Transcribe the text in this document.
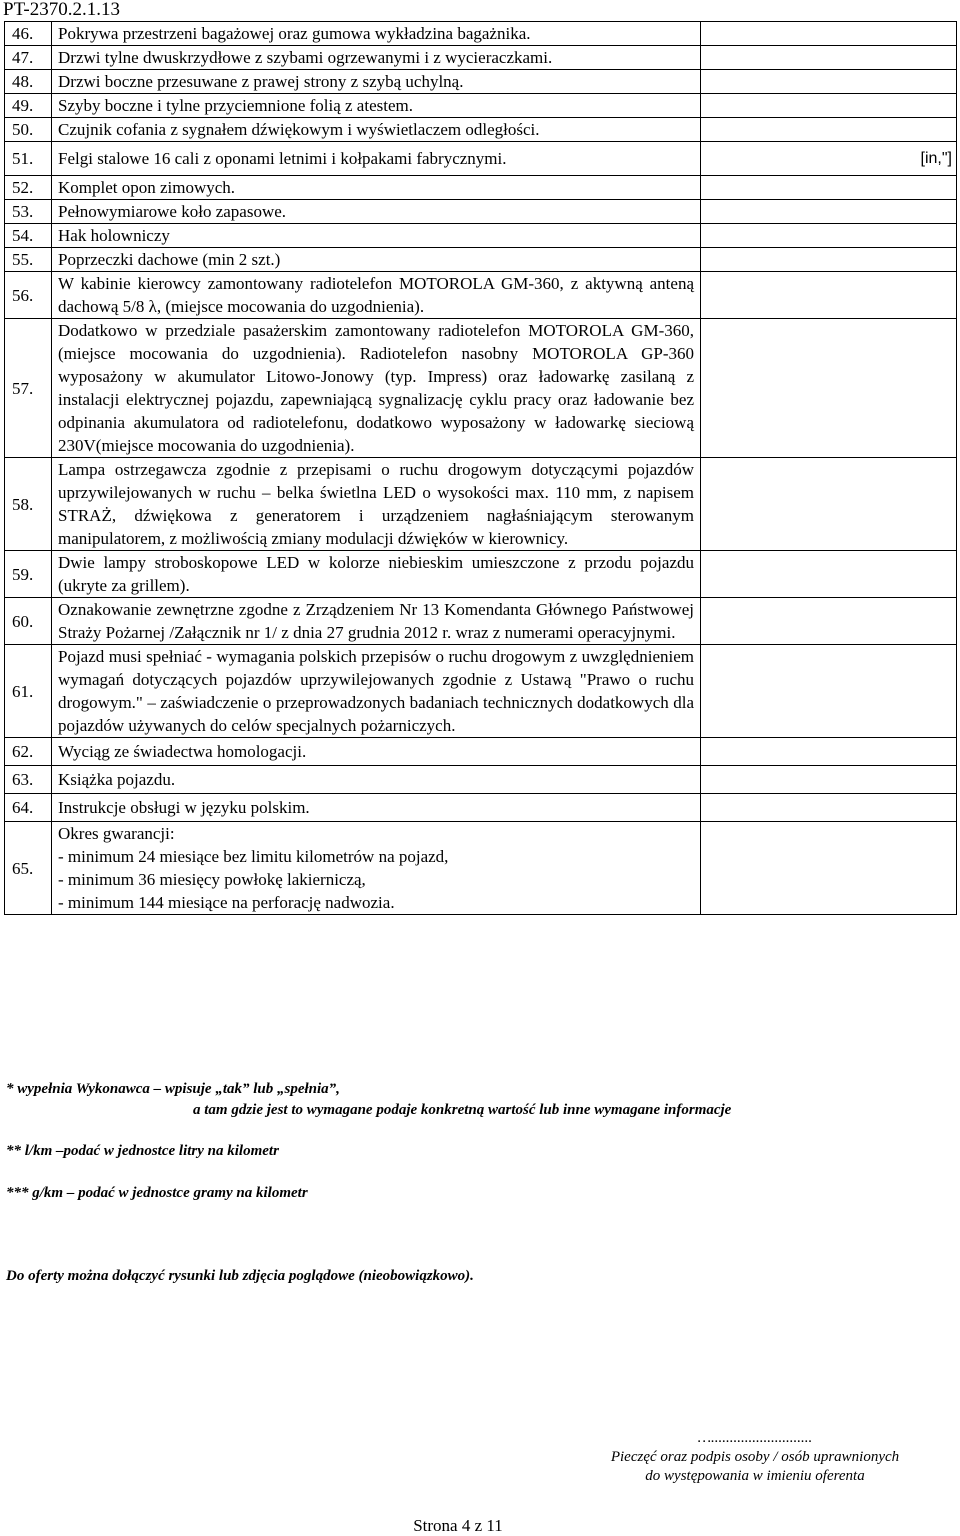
PT-2370.2.1.13
46.	Pokrywa przestrzeni bagażowej oraz gumowa wykładzina bagażnika.	
47.	Drzwi tylne dwuskrzydłowe z szybami ogrzewanymi i z wycieraczkami.	
48.	Drzwi boczne przesuwane z prawej strony z szybą uchylną.	
49.	Szyby boczne i tylne przyciemnione folią z atestem.	
50.	Czujnik cofania z sygnałem dźwiękowym i wyświetlaczem odległości.	
51.	Felgi stalowe 16 cali z oponami letnimi i kołpakami fabrycznymi.	[in,"]
52.	Komplet opon zimowych.	
53.	Pełnowymiarowe koło zapasowe.	
54.	Hak holowniczy	
55.	Poprzeczki dachowe (min 2 szt.)	
56.	W kabinie kierowcy zamontowany radiotelefon MOTOROLA GM-360, z aktywną anteną dachową 5/8 λ, (miejsce mocowania do uzgodnienia).	
57.	Dodatkowo w przedziale pasażerskim zamontowany radiotelefon MOTOROLA GM-360, (miejsce mocowania do uzgodnienia). Radiotelefon nasobny MOTOROLA GP-360 wyposażony w akumulator Litowo-Jonowy (typ. Impress) oraz ładowarkę zasilaną z instalacji elektrycznej pojazdu, zapewniającą sygnalizację cyklu pracy oraz ładowanie bez odpinania akumulatora od radiotelefonu, dodatkowo wyposażony w ładowarkę sieciową 230V(miejsce mocowania do uzgodnienia).	
58.	Lampa ostrzegawcza zgodnie z przepisami o ruchu drogowym dotyczącymi pojazdów uprzywilejowanych w ruchu – belka świetlna LED o wysokości max. 110 mm, z napisem STRAŻ, dźwiękowa z generatorem i urządzeniem nagłaśniającym sterowanym manipulatorem, z możliwością zmiany modulacji dźwięków w kierownicy.	
59.	Dwie lampy stroboskopowe LED w kolorze niebieskim umieszczone z przodu pojazdu (ukryte za grillem).	
60.	Oznakowanie zewnętrzne zgodne z Zrządzeniem Nr 13 Komendanta Głównego Państwowej Straży Pożarnej /Załącznik nr 1/ z dnia 27 grudnia 2012 r. wraz z numerami operacyjnymi.	
61.	Pojazd musi spełniać - wymagania polskich przepisów o ruchu drogowym z uwzględnieniem wymagań dotyczących pojazdów uprzywilejowanych zgodnie z Ustawą "Prawo o ruchu drogowym." – zaświadczenie o przeprowadzonych badaniach technicznych dodatkowych dla pojazdów używanych do celów specjalnych pożarniczych.	
62.	Wyciąg ze świadectwa homologacji.	
63.	Książka pojazdu.	
64.	Instrukcje obsługi w języku polskim.	
65.	Okres gwarancji:
- minimum 24 miesiące bez limitu kilometrów na pojazd,
- minimum 36 miesięcy powłokę lakierniczą,
- minimum 144 miesiące na perforację nadwozia.	

* wypełnia Wykonawca – wpisuje „tak” lub „spełnia”,
a tam gdzie jest to wymagane podaje konkretną wartość lub inne wymagane informacje
** l/km –podać w jednostce litry na kilometr
*** g/km – podać w jednostce gramy na kilometr
Do oferty można dołączyć rysunki lub zdjęcia poglądowe (nieobowiązkowo).
…...........................
Pieczęć oraz podpis osoby / osób uprawnionych
do występowania w imieniu oferenta
Strona 4 z 11
